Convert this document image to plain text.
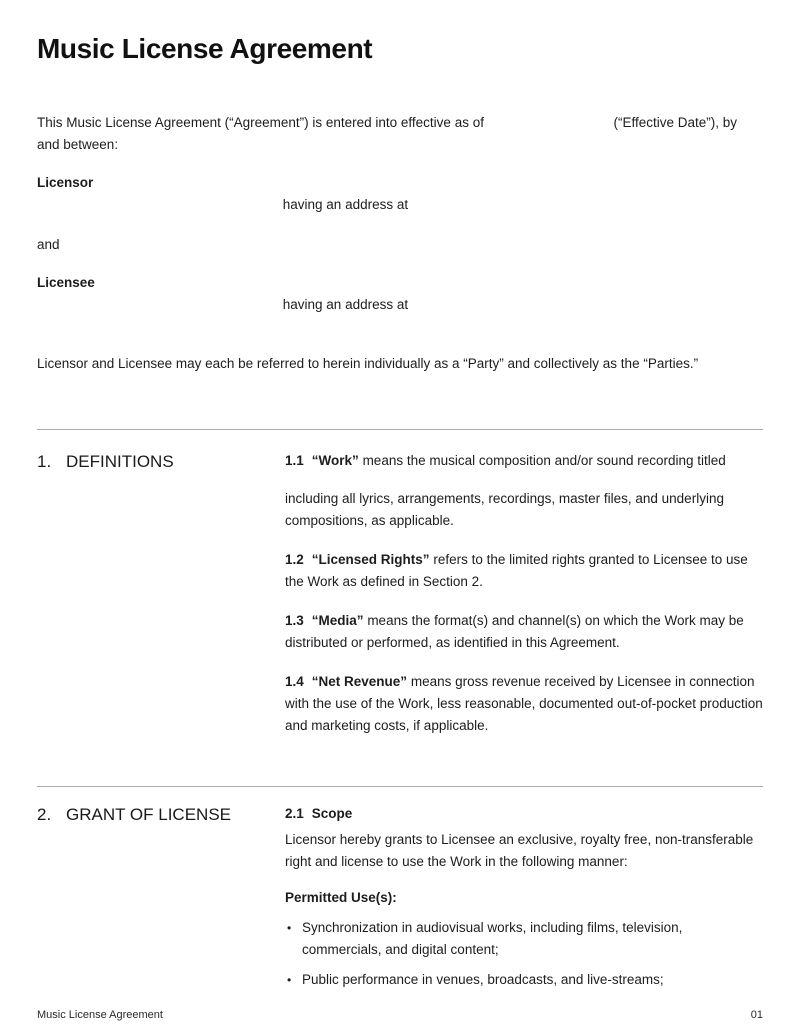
Music License Agreement

This Music License Agreement (“Agreement”) is entered into effective as of	(“Effective Date”), by and between:

Licensor

having an address at

and

Licensee

having an address at

Licensor and Licensee may each be referred to herein individually as a “Party” and collectively as the “Parties.”

1. DEFINITIONS	1.1 “Work” means the musical composition and/or sound recording titled

including all lyrics, arrangements, recordings, master files, and underlying compositions, as applicable.

1.2 “Licensed Rights” refers to the limited rights granted to Licensee to use the Work as defined in Section 2.

1.3 “Media” means the format(s) and channel(s) on which the Work may be distributed or performed, as identified in this Agreement.

1.4 “Net Revenue” means gross revenue received by Licensee in connection with the use of the Work, less reasonable, documented out-of-pocket production and marketing costs, if applicable.

2. GRANT OF LICENSE	2.1 Scope

Licensor hereby grants to Licensee an exclusive, royalty free, non-transferable right and license to use the Work in the following manner:

Permitted Use(s):

• Synchronization in audiovisual works, including films, television, commercials, and digital content;
• Public performance in venues, broadcasts, and live-streams;
Music License Agreement	01
